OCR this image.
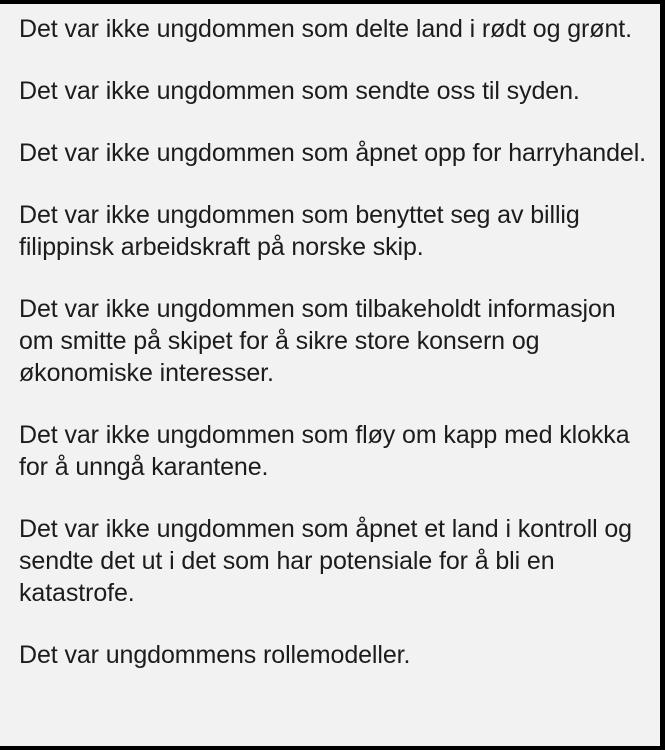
Det var ikke ungdommen som delte land i rødt og grønt.

Det var ikke ungdommen som sendte oss til syden.

Det var ikke ungdommen som åpnet opp for harryhandel.

Det var ikke ungdommen som benyttet seg av billig filippinsk arbeidskraft på norske skip.

Det var ikke ungdommen som tilbakeholdt informasjon om smitte på skipet for å sikre store konsern og økonomiske interesser.

Det var ikke ungdommen som fløy om kapp med klokka for å unngå karantene.

Det var ikke ungdommen som åpnet et land i kontroll og sendte det ut i det som har potensiale for å bli en katastrofe.

Det var ungdommens rollemodeller.
